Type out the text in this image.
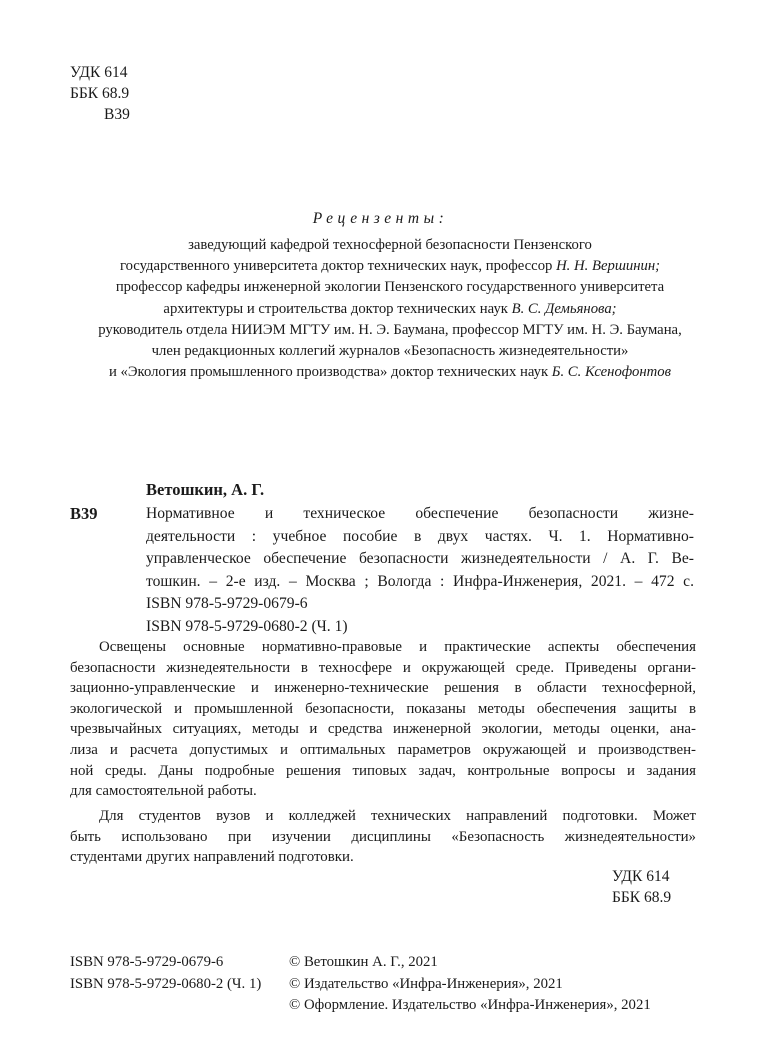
УДК 614
ББК 68.9
В39
Рецензенты:
заведующий кафедрой техносферной безопасности Пензенского
государственного университета доктор технических наук, профессор Н. Н. Вершинин;
профессор кафедры инженерной экологии Пензенского государственного университета
архитектуры и строительства доктор технических наук В. С. Демьянова;
руководитель отдела НИИЭМ МГТУ им. Н. Э. Баумана, профессор МГТУ им. Н. Э. Баумана,
член редакционных коллегий журналов «Безопасность жизнедеятельности»
и «Экология промышленного производства» доктор технических наук Б. С. Ксенофонтов
Ветошкин, А. Г.
В39	Нормативное и техническое обеспечение безопасности жизне-
деятельности : учебное пособие в двух частях. Ч. 1. Нормативно-
управленческое обеспечение безопасности жизнедеятельности / А. Г. Ве-
тошкин. – 2-е изд. – Москва ; Вологда : Инфра-Инженерия, 2021. – 472 с.
ISBN 978-5-9729-0679-6
ISBN 978-5-9729-0680-2 (Ч. 1)
Освещены основные нормативно-правовые и практические аспекты обеспечения
безопасности жизнедеятельности в техносфере и окружающей среде. Приведены органи-
зационно-управленческие и инженерно-технические решения в области техносферной,
экологической и промышленной безопасности, показаны методы обеспечения защиты в
чрезвычайных ситуациях, методы и средства инженерной экологии, методы оценки, ана-
лиза и расчета допустимых и оптимальных параметров окружающей и производствен-
ной среды. Даны подробные решения типовых задач, контрольные вопросы и задания
для самостоятельной работы.
Для студентов вузов и колледжей технических направлений подготовки. Может
быть использовано при изучении дисциплины «Безопасность жизнедеятельности»
студентами других направлений подготовки.
УДК 614
ББК 68.9
ISBN 978-5-9729-0679-6
ISBN 978-5-9729-0680-2 (Ч. 1)
© Ветошкин А. Г., 2021
© Издательство «Инфра-Инженерия», 2021
© Оформление. Издательство «Инфра-Инженерия», 2021
